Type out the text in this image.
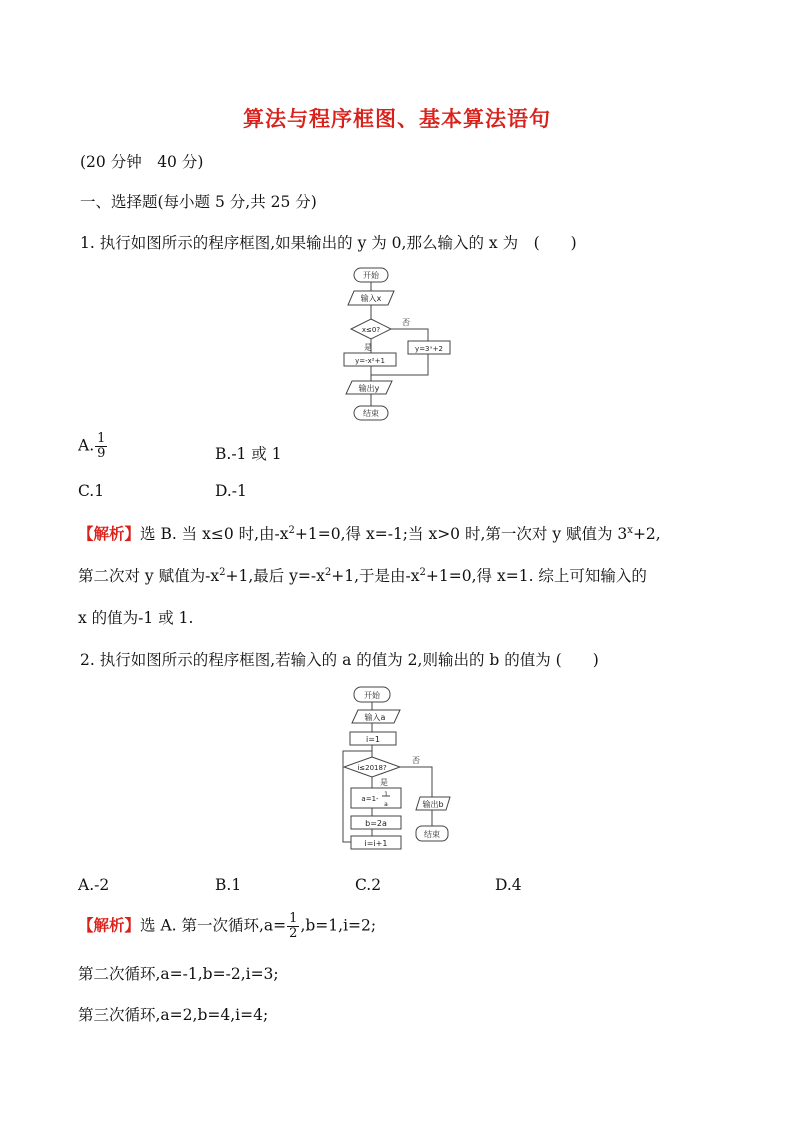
算法与程序框图、基本算法语句
(20 分钟　40 分)
一、选择题(每小题 5 分,共 25 分)
1. 执行如图所示的程序框图,如果输出的 y 为 0,那么输入的 x 为　(　　)
开始
输入x
x≤0?
否
是	y=3ˣ+2
y=-x²+1
输出y
结束
A. $\frac{1}{9}$	B.-1 或 1
C.1	D.-1
【解析】选 B. 当 x≤0 时,由$-x^2+1=0$,得 x=-1;当 x>0 时,第一次对 y 赋值为 $3^x+2$,
第二次对 y 赋值为$-x^2+1$,最后 $y=-x^2+1$,于是由$-x^2+1=0$,得 x=1. 综上可知输入的
x 的值为-1 或 1.
2. 执行如图所示的程序框图,若输入的 a 的值为 2,则输出的 b 的值为 (　　)
开始
输入a
i=1
i≤2018?
否
是
a=1-
1
a
b=2a
i=i+1
输出b
结束
A.-2	B.1	C.2	D.4
【解析】选 A. 第一次循环$,a= \frac{1}{2} ,b=1,i=2$;
第二次循环,a=-1,b=-2,i=3;
第三次循环,a=2,b=4,i=4;
